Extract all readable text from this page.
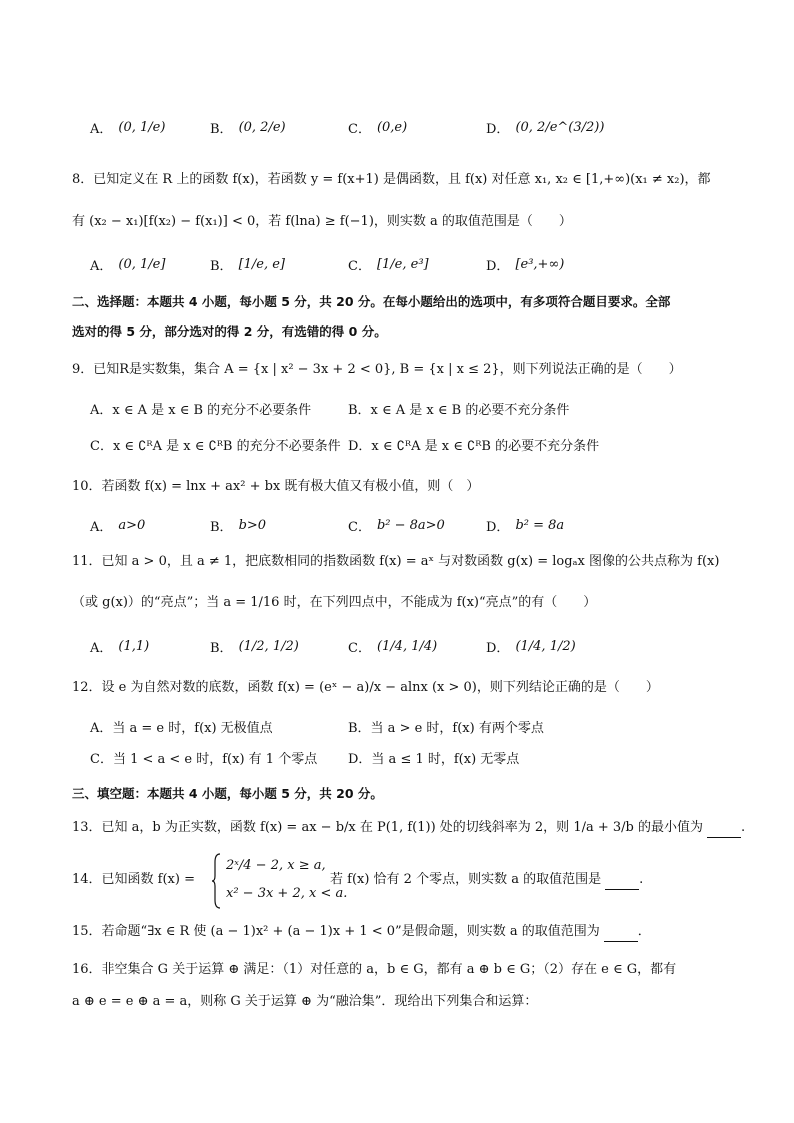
A． (0, 1/e)	B． (0, 2/e)	C． (0,e)	D． (0, 2/e^(3/2))
8．已知定义在 R 上的函数 f(x)，若函数 y = f(x+1) 是偶函数，且 f(x) 对任意 x₁, x₂ ∈ [1,+∞)(x₁ ≠ x₂)，都
有 (x₂ − x₁)[f(x₂) − f(x₁)] < 0，若 f(lna) ≥ f(−1)，则实数 a 的取值范围是（　　）
A． (0, 1/e]	B． [1/e, e]	C． [1/e, e³]	D． [e³,+∞)
二、选择题：本题共 4 小题，每小题 5 分，共 20 分。在每小题给出的选项中，有多项符合题目要求。全部
选对的得 5 分，部分选对的得 2 分，有选错的得 0 分。
9．已知R是实数集，集合 A = {x | x² − 3x + 2 < 0}, B = {x | x ≤ 2}，则下列说法正确的是（　　）
A．x ∈ A 是 x ∈ B 的充分不必要条件	B．x ∈ A 是 x ∈ B 的必要不充分条件
C．x ∈ ∁ᴿA 是 x ∈ ∁ᴿB 的充分不必要条件 D．x ∈ ∁ᴿA 是 x ∈ ∁ᴿB 的必要不充分条件
10．若函数 f(x) = lnx + ax² + bx 既有极大值又有极小值，则（　）
A． a>0	B． b>0	C． b² − 8a>0	D． b² = 8a
11．已知 a > 0，且 a ≠ 1，把底数相同的指数函数 f(x) = aˣ 与对数函数 g(x) = logₐx 图像的公共点称为 f(x)
（或 g(x)）的“亮点”；当 a = 1/16 时，在下列四点中，不能成为 f(x)“亮点”的有（　　）
A． (1,1)	B． (1/2, 1/2)	C． (1/4, 1/4)	D． (1/4, 1/2)
12．设 e 为自然对数的底数，函数 f(x) = (eˣ − a)/x − alnx (x > 0)，则下列结论正确的是（　　）
A．当 a = e 时，f(x) 无极值点	B．当 a > e 时，f(x) 有两个零点
C．当 1 < a < e 时，f(x) 有 1 个零点 D．当 a ≤ 1 时，f(x) 无零点
三、填空题：本题共 4 小题，每小题 5 分，共 20 分。
13．已知 a，b 为正实数，函数 f(x) = ax − b/x 在 P(1, f(1)) 处的切线斜率为 2，则 1/a + 3/b 的最小值为	.
14．已知函数 f(x) =
2ˣ/4 − 2, x ≥ a,
x² − 3x + 2, x < a.
若 f(x) 恰有 2 个零点，则实数 a 的取值范围是	.
15．若命题“∃x ∈ R 使 (a − 1)x² + (a − 1)x + 1 < 0”是假命题，则实数 a 的取值范围为	．
16．非空集合 G 关于运算 ⊕ 满足：（1）对任意的 a，b ∈ G，都有 a ⊕ b ∈ G；（2）存在 e ∈ G，都有
a ⊕ e = e ⊕ a = a，则称 G 关于运算 ⊕ 为“融洽集”．现给出下列集合和运算：
